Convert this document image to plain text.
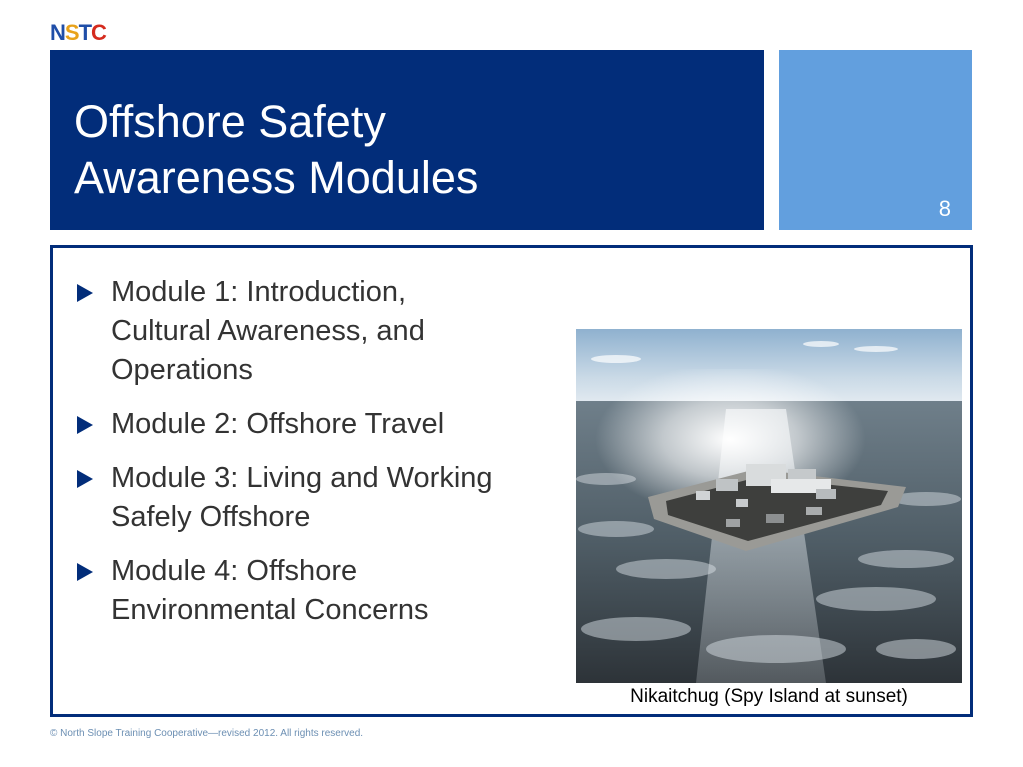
N S T C
Offshore Safety
Awareness Modules
8
Module 1: Introduction,
Cultural Awareness, and
Operations
Module 2: Offshore Travel
Module 3: Living and Working
Safely Offshore
Module 4: Offshore
Environmental Concerns
Nikaitchug (Spy Island at sunset)
© North Slope Training Cooperative—revised 2012. All rights reserved.
